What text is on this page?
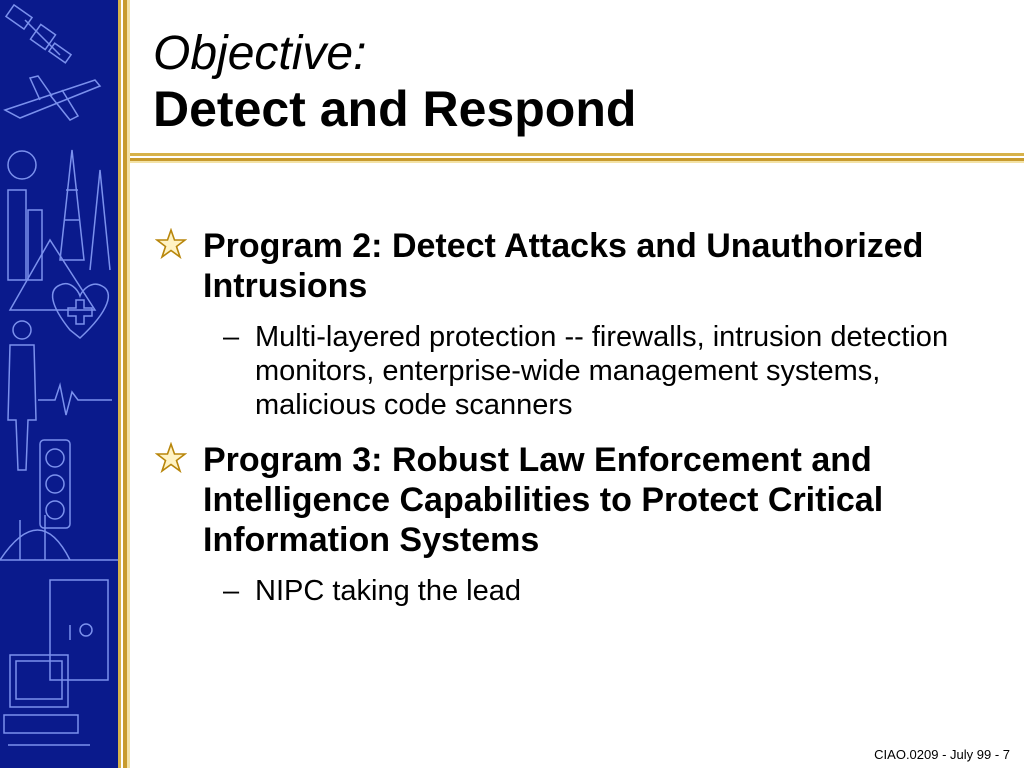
Objective:

Detect and Respond

Program 2: Detect Attacks and Unauthorized Intrusions

– Multi-layered protection -- firewalls, intrusion detection monitors, enterprise-wide management systems, malicious code scanners

Program 3: Robust Law Enforcement and Intelligence Capabilities to Protect Critical Information Systems

– NIPC taking the lead

CIAO.0209 - July 99 - 7
